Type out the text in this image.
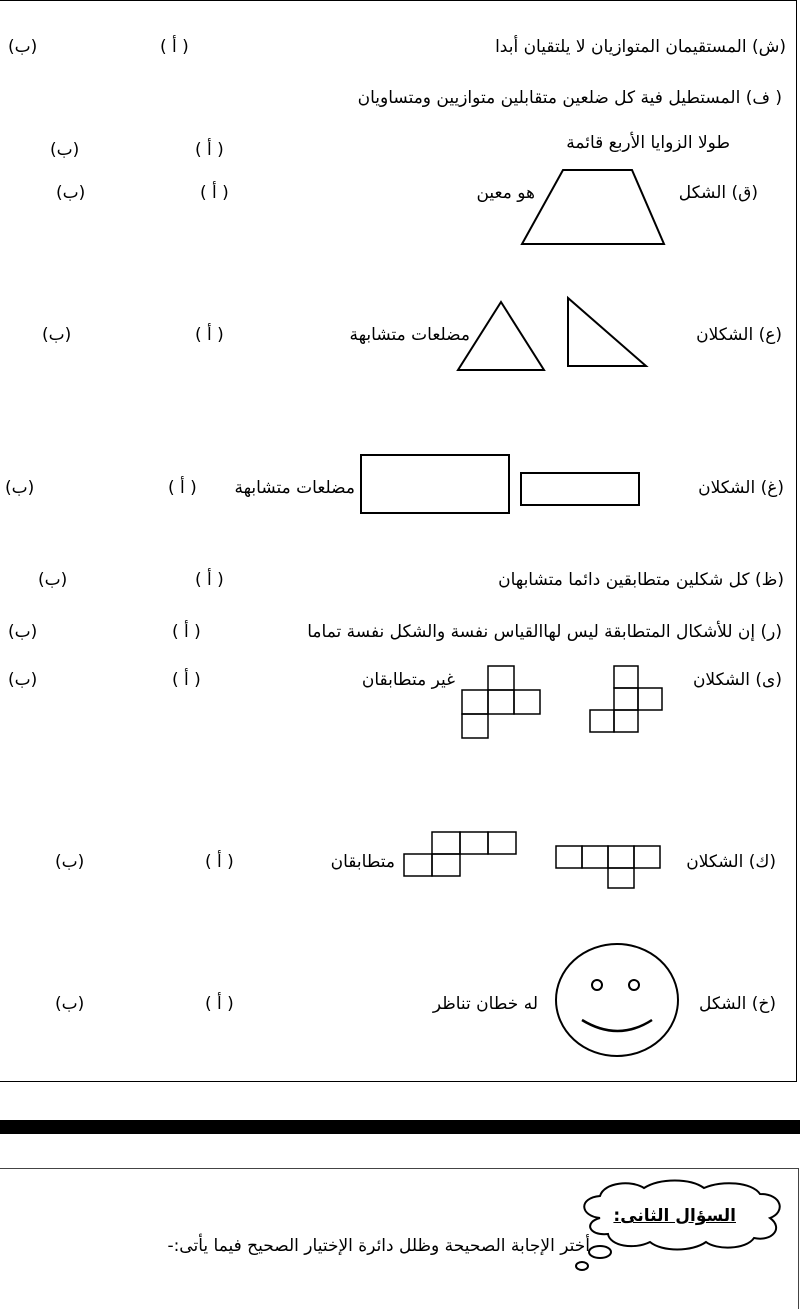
(ش) المستقيمان المتوازيان لا يلتقيان أبدا
( أ )
(ب)
( ف) المستطيل فية كل ضلعين متقابلين متوازيين ومتساويان
طولا الزوايا الأربع قائمة
( أ )
(ب)
(ق) الشكل
هو معين
( أ )
(ب)
(ع) الشكلان
مضلعات متشابهة
( أ )
(ب)
(غ) الشكلان
مضلعات متشابهة
( أ )
(ب)
(ظ) كل شكلين متطابقين دائما متشابهان
( أ )
(ب)
(ر) إن للأشكال المتطابقة ليس لهاالقياس نفسة والشكل نفسة تماما
( أ )
(ب)
(ى) الشكلان
غير متطابقان
( أ )
(ب)
(ك) الشكلان
متطابقان
( أ )
(ب)
(خ) الشكل
له خطان تناظر
( أ )
(ب)
السؤال الثانى:
أختر الإجابة الصحيحة وظلل دائرة الإختيار الصحيح فيما يأتى:-
